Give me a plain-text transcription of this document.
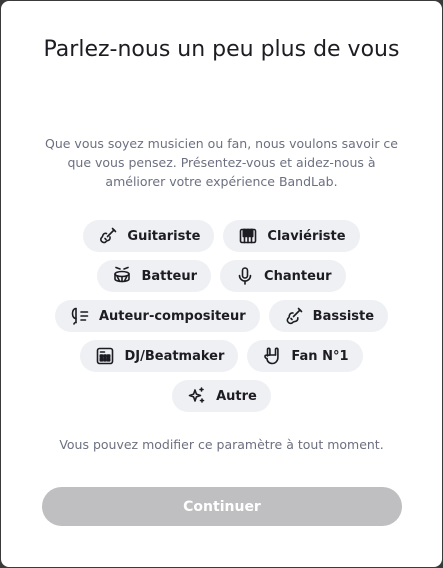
Parlez-nous un peu plus de vous

Que vous soyez musicien ou fan, nous voulons savoir ce que vous pensez. Présentez-vous et aidez-nous à améliorer votre expérience BandLab.

Guitariste	Claviériste
Batteur	Chanteur
Auteur-compositeur	Bassiste
DJ/Beatmaker	Fan N°1
Autre

Vous pouvez modifier ce paramètre à tout moment.

Continuer
